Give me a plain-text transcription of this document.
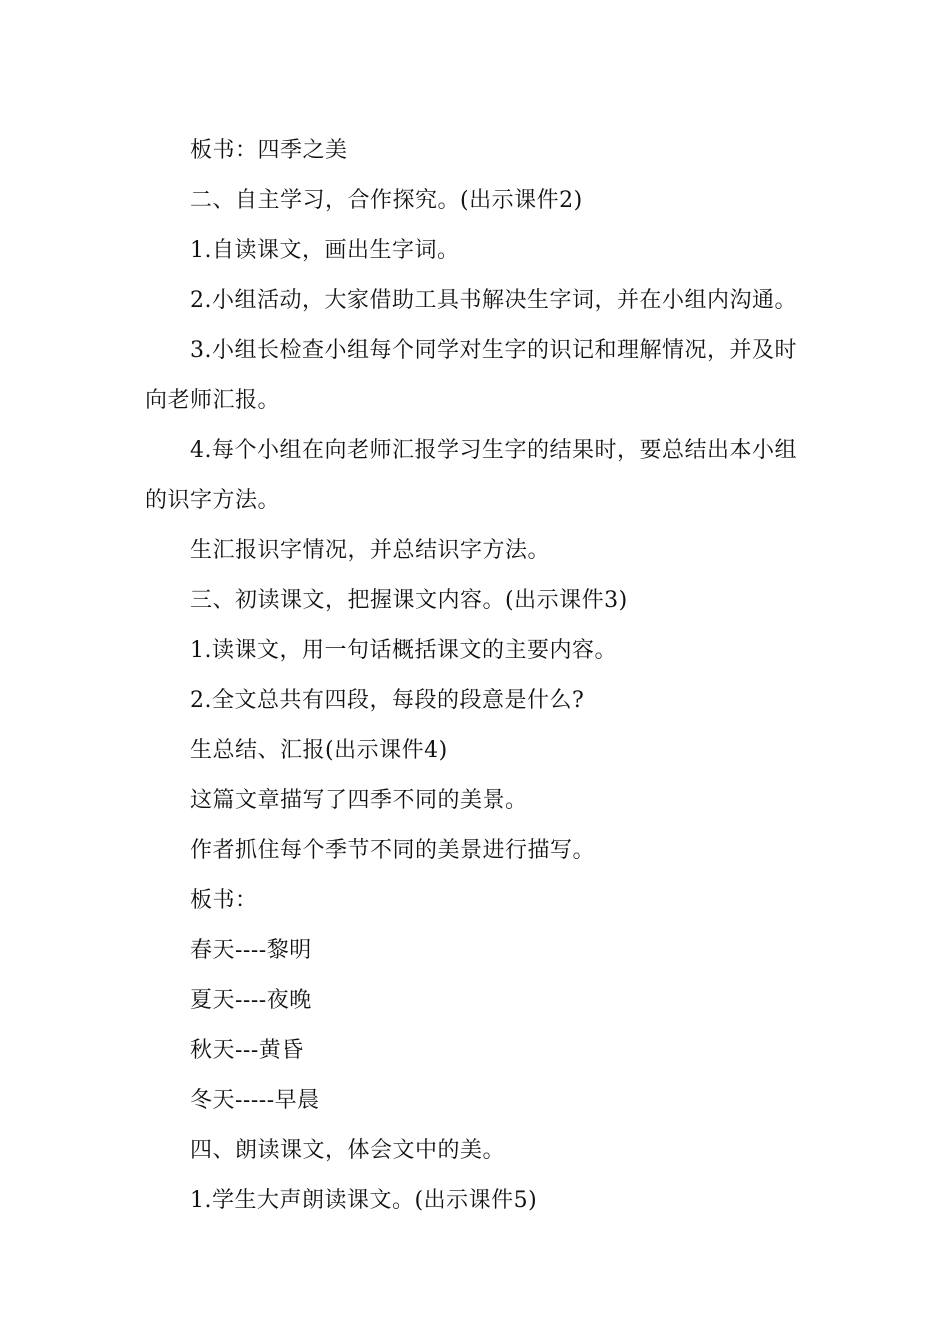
板书：四季之美
二、自主学习，合作探究。(出示课件2)
1.自读课文，画出生字词。
2.小组活动，大家借助工具书解决生字词，并在小组内沟通。
3.小组长检查小组每个同学对生字的识记和理解情况，并及时
向老师汇报。
4.每个小组在向老师汇报学习生字的结果时，要总结出本小组
的识字方法。
生汇报识字情况，并总结识字方法。
三、初读课文，把握课文内容。(出示课件3)
1.读课文，用一句话概括课文的主要内容。
2.全文总共有四段，每段的段意是什么?
生总结、汇报(出示课件4)
这篇文章描写了四季不同的美景。
作者抓住每个季节不同的美景进行描写。
板书：
春天----黎明
夏天----夜晚
秋天---黄昏
冬天-----早晨
四、朗读课文，体会文中的美。
1.学生大声朗读课文。(出示课件5)
